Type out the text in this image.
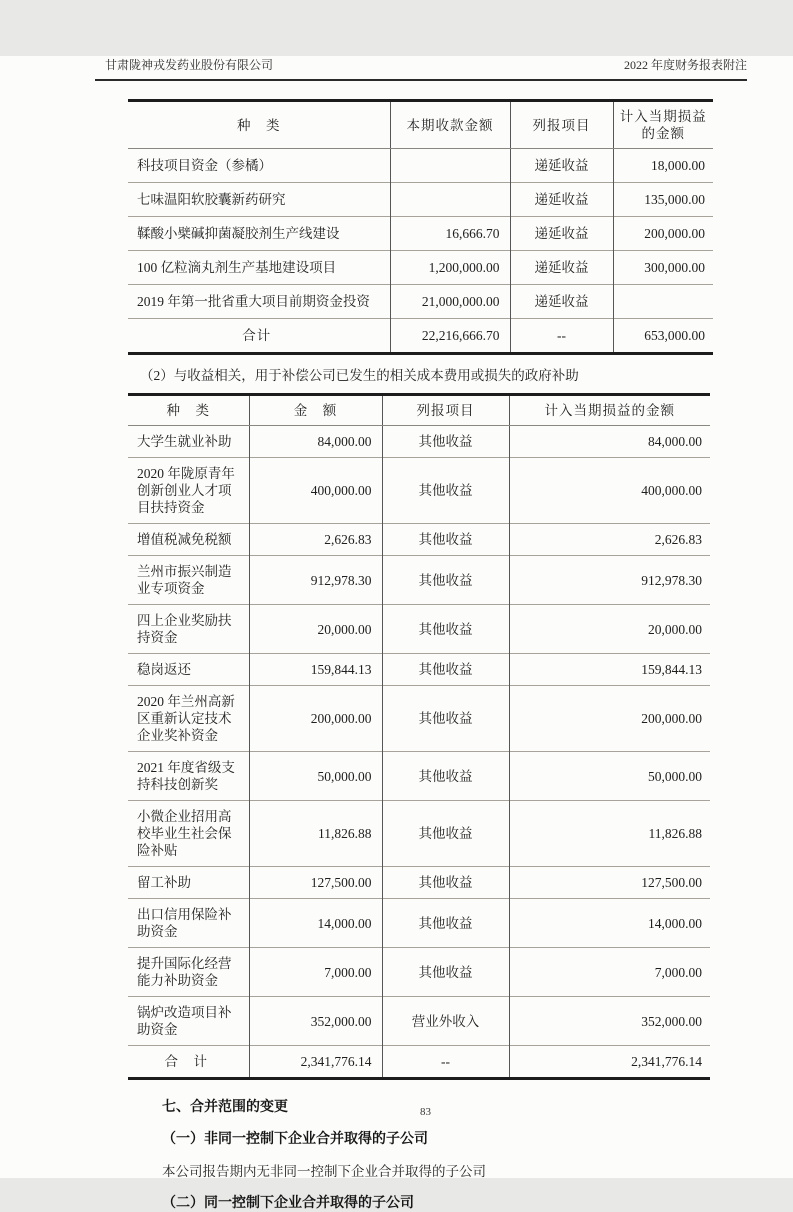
甘肃陇神戎发药业股份有限公司	2022 年度财务报表附注
种　类	本期收款金额	列报项目	计入当期损益 的金额
科技项目资金（参橘）		递延收益	18,000.00
七味温阳软胶囊新药研究		递延收益	135,000.00
鞣酸小檗碱抑菌凝胶剂生产线建设	16,666.70	递延收益	200,000.00
100 亿粒滴丸剂生产基地建设项目	1,200,000.00	递延收益	300,000.00
2019 年第一批省重大项目前期资金投资	21,000,000.00	递延收益	
合计	22,216,666.70	--	653,000.00
（2）与收益相关，用于补偿公司已发生的相关成本费用或损失的政府补助
种　类	金　额	列报项目	计入当期损益的金额
大学生就业补助	84,000.00	其他收益	84,000.00
2020 年陇原青年创新创业人才项目扶持资金	400,000.00	其他收益	400,000.00
增值税减免税额	2,626.83	其他收益	2,626.83
兰州市振兴制造业专项资金	912,978.30	其他收益	912,978.30
四上企业奖励扶持资金	20,000.00	其他收益	20,000.00
稳岗返还	159,844.13	其他收益	159,844.13
2020 年兰州高新区重新认定技术企业奖补资金	200,000.00	其他收益	200,000.00
2021 年度省级支持科技创新奖	50,000.00	其他收益	50,000.00
小微企业招用高校毕业生社会保险补贴	11,826.88	其他收益	11,826.88
留工补助	127,500.00	其他收益	127,500.00
出口信用保险补助资金	14,000.00	其他收益	14,000.00
提升国际化经营能力补助资金	7,000.00	其他收益	7,000.00
锅炉改造项目补助资金	352,000.00	营业外收入	352,000.00
合　计	2,341,776.14	--	2,341,776.14
七、合并范围的变更
（一）非同一控制下企业合并取得的子公司
本公司报告期内无非同一控制下企业合并取得的子公司
（二）同一控制下企业合并取得的子公司
83
